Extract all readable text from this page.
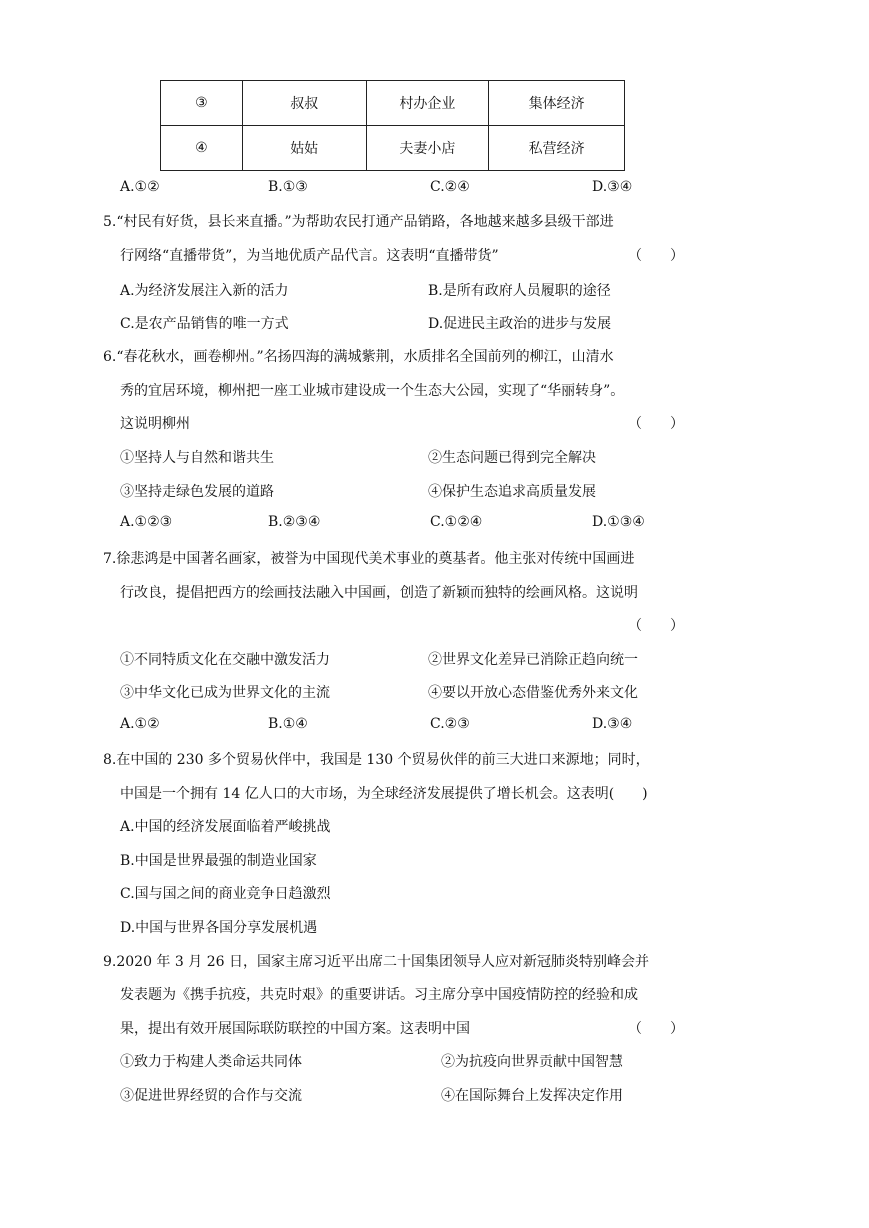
③	叔叔	村办企业	集体经济
④	姑姑	夫妻小店	私营经济
A.①②	B.①③	C.②④	D.③④
5.“村民有好货，县长来直播。”为帮助农民打通产品销路，各地越来越多县级干部进
行网络“直播带货”，为当地优质产品代言。这表明“直播带货”	（　　）
A.为经济发展注入新的活力	B.是所有政府人员履职的途径
C.是农产品销售的唯一方式	D.促进民主政治的进步与发展
6.“春花秋水，画卷柳州。”名扬四海的满城紫荆，水质排名全国前列的柳江，山清水
秀的宜居环境，柳州把一座工业城市建设成一个生态大公园，实现了“华丽转身”。
这说明柳州	（　　）
①坚持人与自然和谐共生	②生态问题已得到完全解决
③坚持走绿色发展的道路	④保护生态追求高质量发展
A.①②③	B.②③④	C.①②④	D.①③④
7.徐悲鸿是中国著名画家，被誉为中国现代美术事业的奠基者。他主张对传统中国画进
行改良，提倡把西方的绘画技法融入中国画，创造了新颖而独特的绘画风格。这说明
（　　）
①不同特质文化在交融中激发活力	②世界文化差异已消除正趋向统一
③中华文化已成为世界文化的主流	④要以开放心态借鉴优秀外来文化
A.①②	B.①④	C.②③	D.③④
8.在中国的 230 多个贸易伙伴中，我国是 130 个贸易伙伴的前三大进口来源地；同时，
中国是一个拥有 14 亿人口的大市场，为全球经济发展提供了增长机会。这表明(　　)
A.中国的经济发展面临着严峻挑战
B.中国是世界最强的制造业国家
C.国与国之间的商业竞争日趋激烈
D.中国与世界各国分享发展机遇
9.2020 年 3 月 26 日，国家主席习近平出席二十国集团领导人应对新冠肺炎特别峰会并
发表题为《携手抗疫，共克时艰》的重要讲话。习主席分享中国疫情防控的经验和成
果，提出有效开展国际联防联控的中国方案。这表明中国	（　　）
①致力于构建人类命运共同体	②为抗疫向世界贡献中国智慧
③促进世界经贸的合作与交流	④在国际舞台上发挥决定作用
